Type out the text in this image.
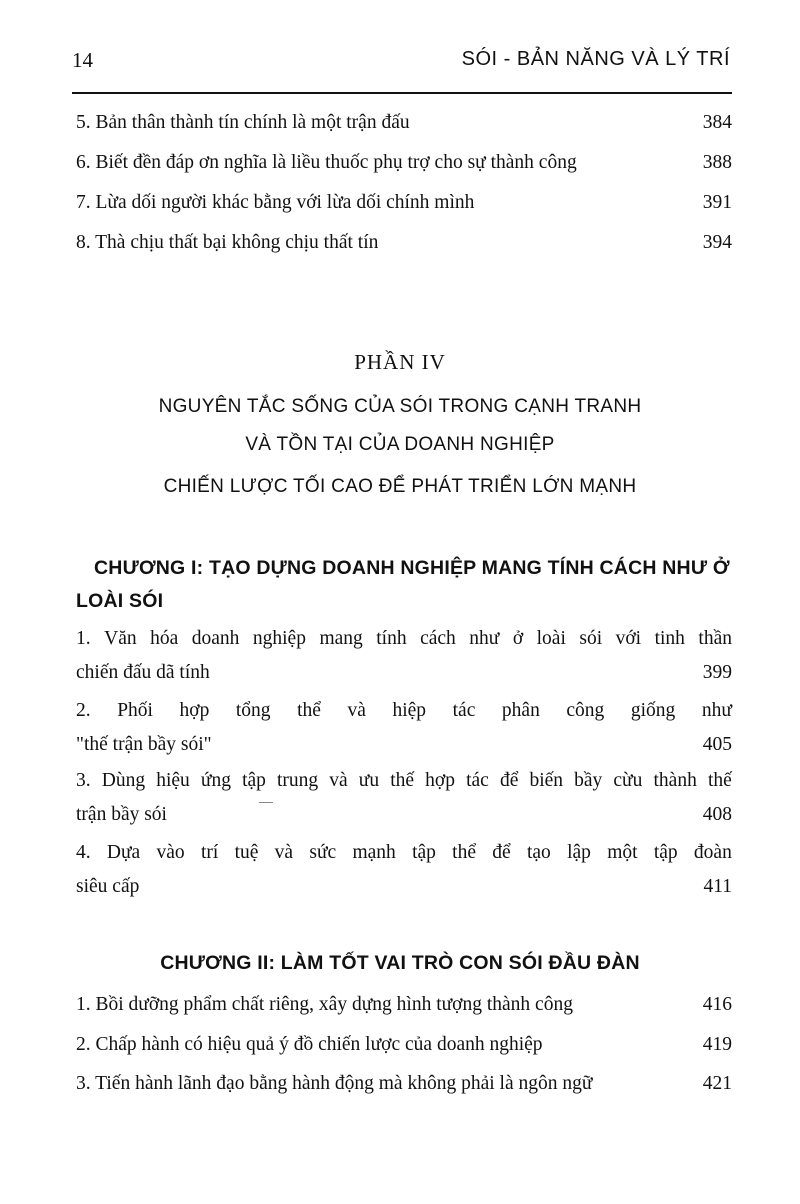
14	SÓI - BẢN NĂNG VÀ LÝ TRÍ
5. Bản thân thành tín chính là một trận đấu	384
6. Biết đền đáp ơn nghĩa là liều thuốc phụ trợ cho sự thành công	388
7. Lừa dối người khác bằng với lừa dối chính mình	391
8. Thà chịu thất bại không chịu thất tín	394
PHẦN IV
NGUYÊN TẮC SỐNG CỦA SÓI TRONG CẠNH TRANH
VÀ TỒN TẠI CỦA DOANH NGHIỆP
CHIẾN LƯỢC TỐI CAO ĐỂ PHÁT TRIỂN LỚN MẠNH
CHƯƠNG I: TẠO DỰNG DOANH NGHIỆP MANG TÍNH CÁCH NHƯ Ở
LOÀI SÓI
1. Văn hóa doanh nghiệp mang tính cách như ở loài sói với tinh thần
chiến đấu dã tính	399
2. Phối hợp tổng thể và hiệp tác phân công giống như
"thế trận bầy sói"	405
3. Dùng hiệu ứng tập trung và ưu thế hợp tác để biến bầy cừu thành thế
trận bầy sói	408
4. Dựa vào trí tuệ và sức mạnh tập thể để tạo lập một tập đoàn
siêu cấp	411
CHƯƠNG II: LÀM TỐT VAI TRÒ CON SÓI ĐẦU ĐÀN
1. Bồi dưỡng phẩm chất riêng, xây dựng hình tượng thành công	416
2. Chấp hành có hiệu quả ý đồ chiến lược của doanh nghiệp	419
3. Tiến hành lãnh đạo bằng hành động mà không phải là ngôn ngữ	421
